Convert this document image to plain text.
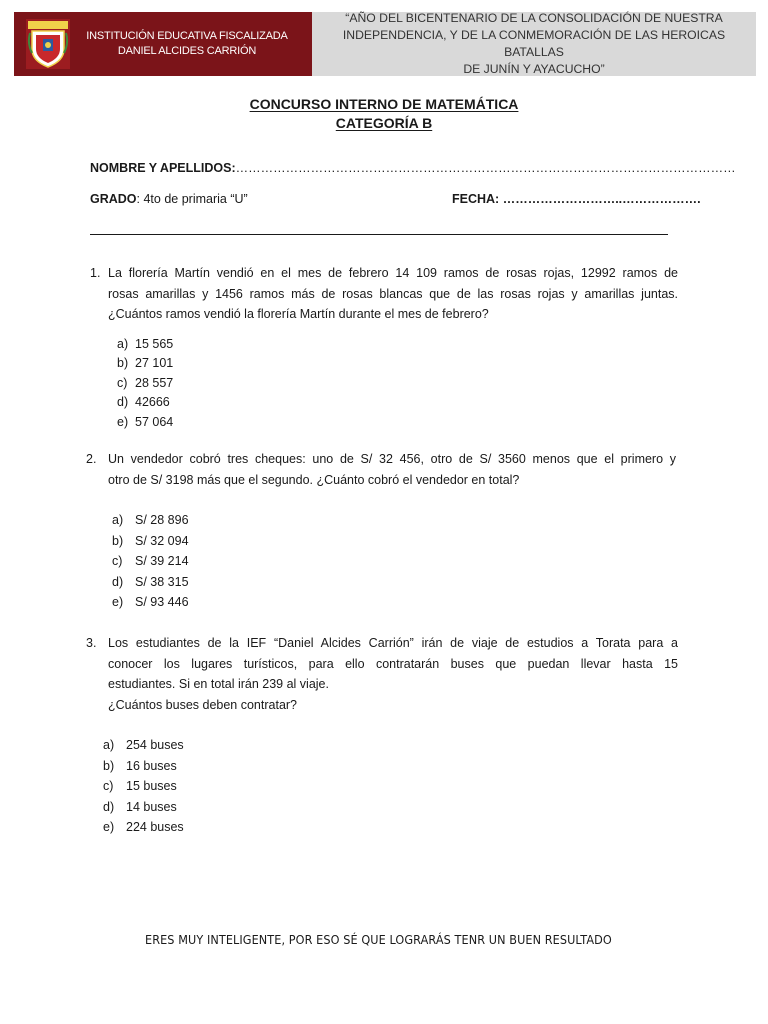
INSTITUCIÓN EDUCATIVA FISCALIZADA
DANIEL ALCIDES CARRIÓN
“AÑO DEL BICENTENARIO DE LA CONSOLIDACIÓN DE NUESTRA
INDEPENDENCIA, Y DE LA CONMEMORACIÓN DE LAS HEROICAS BATALLAS
DE JUNÍN Y AYACUCHO”
CONCURSO INTERNO DE MATEMÁTICA
CATEGORÍA B
NOMBRE Y APELLIDOS:…………………………………………………………………………………………………………
GRADO: 4to de primaria “U”	FECHA: ………………………..……………….
1. La florería Martín vendió en el mes de febrero 14 109 ramos de rosas rojas, 12992 ramos de
rosas amarillas y 1456 ramos más de rosas blancas que de las rosas rojas y amarillas juntas.
¿Cuántos ramos vendió la florería Martín durante el mes de febrero?
a) 15 565
b) 27 101
c) 28 557
d) 42666
e) 57 064
2. Un vendedor cobró tres cheques: uno de S/ 32 456, otro de S/ 3560 menos que el primero y
otro de S/ 3198 más que el segundo. ¿Cuánto cobró el vendedor en total?
a) S/ 28 896
b) S/ 32 094
c)	S/ 39 214
d) S/ 38 315
e) S/ 93 446
3. Los estudiantes de la IEF “Daniel Alcides Carrión” irán de viaje de estudios a Torata para a
conocer los lugares turísticos, para ello contratarán buses que puedan llevar hasta 15
estudiantes. Si en total irán 239 al viaje.
¿Cuántos buses deben contratar?
a) 254 buses
b) 16 buses
c)	15 buses
d) 14 buses
e) 224 buses
ERES MUY INTELIGENTE, POR ESO SÉ QUE LOGRARÁS TENR UN BUEN RESULTADO
